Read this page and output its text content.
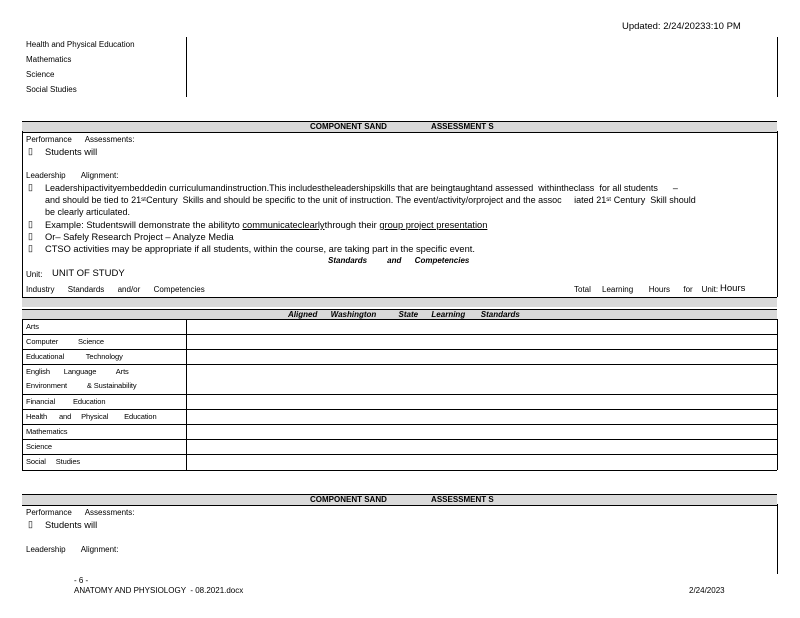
Updated: 2/24/20233:10 PM
Health and Physical Education
Mathematics
Science
Social Studies
COMPONENT SAND                    ASSESSMENT S
Performance      Assessments:
▯ Students will
Leadership       Alignment:
▯ Leadershipactivityembeddedin curriculumandinstruction.This includestheleadershipskills that are beingtaughtand assessed  withintheclass  for all students      –
and should be tied to 21ˢᵗCentury  Skills and should be specific to the unit of instruction. The event/activity/orproject and the assoc     iated 21ˢᵗ Century  Skill should
be clearly articulated.
▯ Example: Studentswill demonstrate the abilityto communicateclearlythrough their group project presentation
▯ Or– Safely Research Project – Analyze Media
▯ CTSO activities may be appropriate if all students, within the course, are taking part in the specific event.
Standards         and      Competencies
Unit: UNIT OF STUDY
Industry      Standards      and/or      Competencies	Total     Learning       Hours      for    Unit: Hours
Aligned      Washington          State      Learning       Standards
Arts
Computer          Science
Educational           Technology
English       Language          Arts
Environment          & Sustainability
Financial         Education
Health      and     Physical        Education
Mathematics
Science
Social     Studies
COMPONENT SAND                    ASSESSMENT S
Performance      Assessments:
▯ Students will
Leadership       Alignment:
- 6 -
ANATOMY AND PHYSIOLOGY  - 08.2021.docx	2/24/2023
